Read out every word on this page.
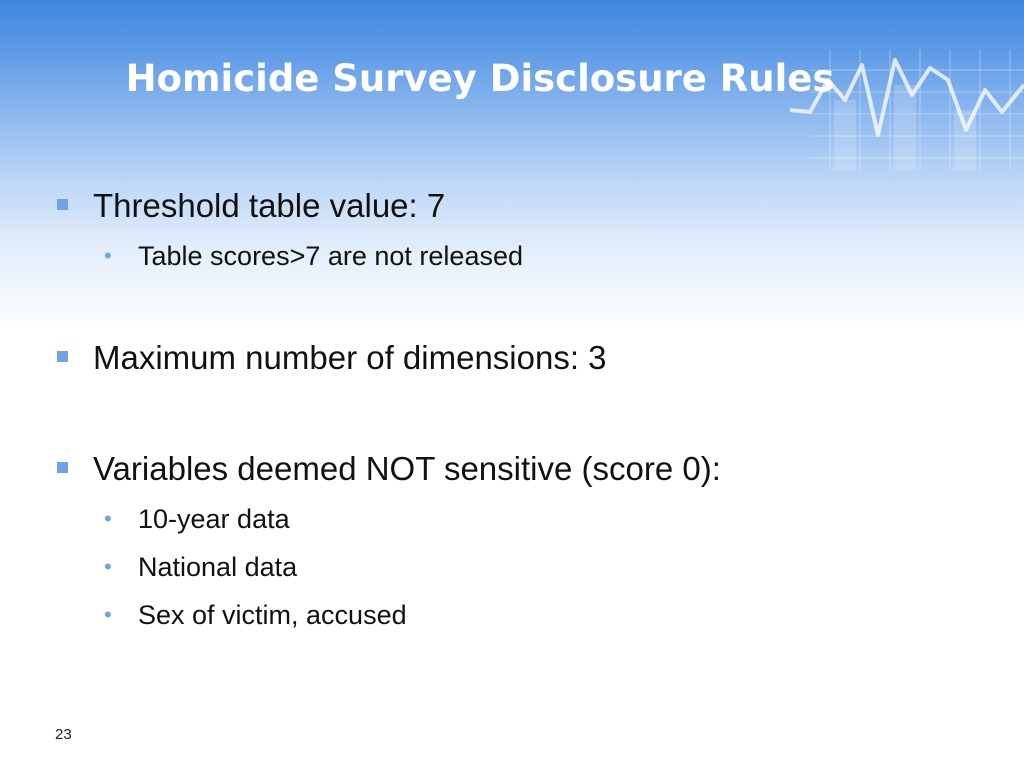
Homicide Survey Disclosure Rules
Threshold table value: 7
• Table scores>7 are not released
Maximum number of dimensions: 3
Variables deemed NOT sensitive (score 0):
• 10-year data
• National data
• Sex of victim, accused
23
